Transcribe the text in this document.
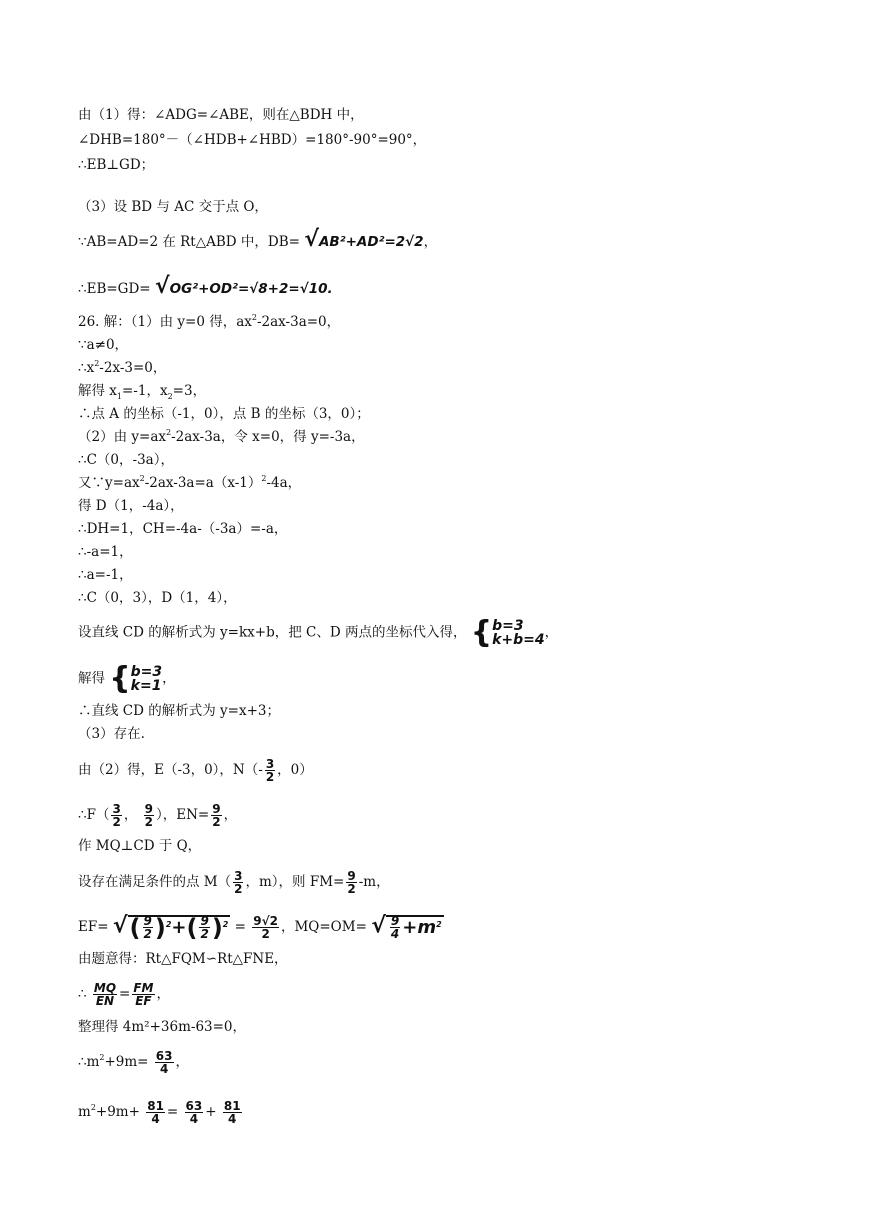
由（1）得：∠ADG=∠ABE，则在△BDH 中，
∠DHB=180°－（∠HDB+∠HBD）=180°-90°=90°，
∴EB⊥GD；
（3）设 BD 与 AC 交于点 O，
∵AB=AD=2 在 Rt△ABD 中，DB= √AB²+AD²=2√2，
∴EB=GD= √OG²+OD²=√8+2=√10.
26. 解：（1）由 y=0 得，$ax^2-2ax-3a=0$，
∵a≠0，
$\therefore x^2-2x-3=0$，
解得 $x_1=-1$，$x_2=3$，
∴点 A 的坐标（-1，0），点 B 的坐标（3，0）；
（2）由 $y=ax^2-2ax-3a$，令 x=0，得 y=-3a，
∴C（0，-3a），
又$\because y=ax^2-2ax-3a=a(x-1)^2-4a$，
得 D（1，-4a），
∴DH=1，CH=-4a-（-3a）=-a，
∴-a=1，
∴a=-1，
∴C（0，3），D（1，4），
设直线 CD 的解析式为 y=kx+b，把 C、D 两点的坐标代入得， { b=3
k+b=4 ，
解得 { b=3
k=1 ，
∴直线 CD 的解析式为 y=x+3；
（3）存在.
由（2）得，E（-3，0），$N(- \frac{3}{2}$ ，0）
∴F（ $\frac{3}{2}$ ， $\frac{9}{2}$ ），$EN= \frac{9}{2}$ ，
作 MQ⊥CD 于 Q，
设存在满足条件的点 $M( \frac{3}{2}$ ，m），则 $FM= \frac{9}{2} -m$，
EF= √( $\frac{9}{2} )^2+( \frac{9}{2} )^2 = \frac{9√2}{2}$ ，MQ=OM= √ $\frac{9}{4} +m^2$
由题意得：Rt△FQM∽Rt△FNE，
∴ $\frac{MQ}{EN} = \frac{FM}{EF}$ ，
整理得 4m²+36m-63=0，
$\therefore m^2+9m= \frac{63}{4}$ ，
$m^2+9m+ \frac{81}{4} = \frac{63}{4} + \frac{81}{4}$
